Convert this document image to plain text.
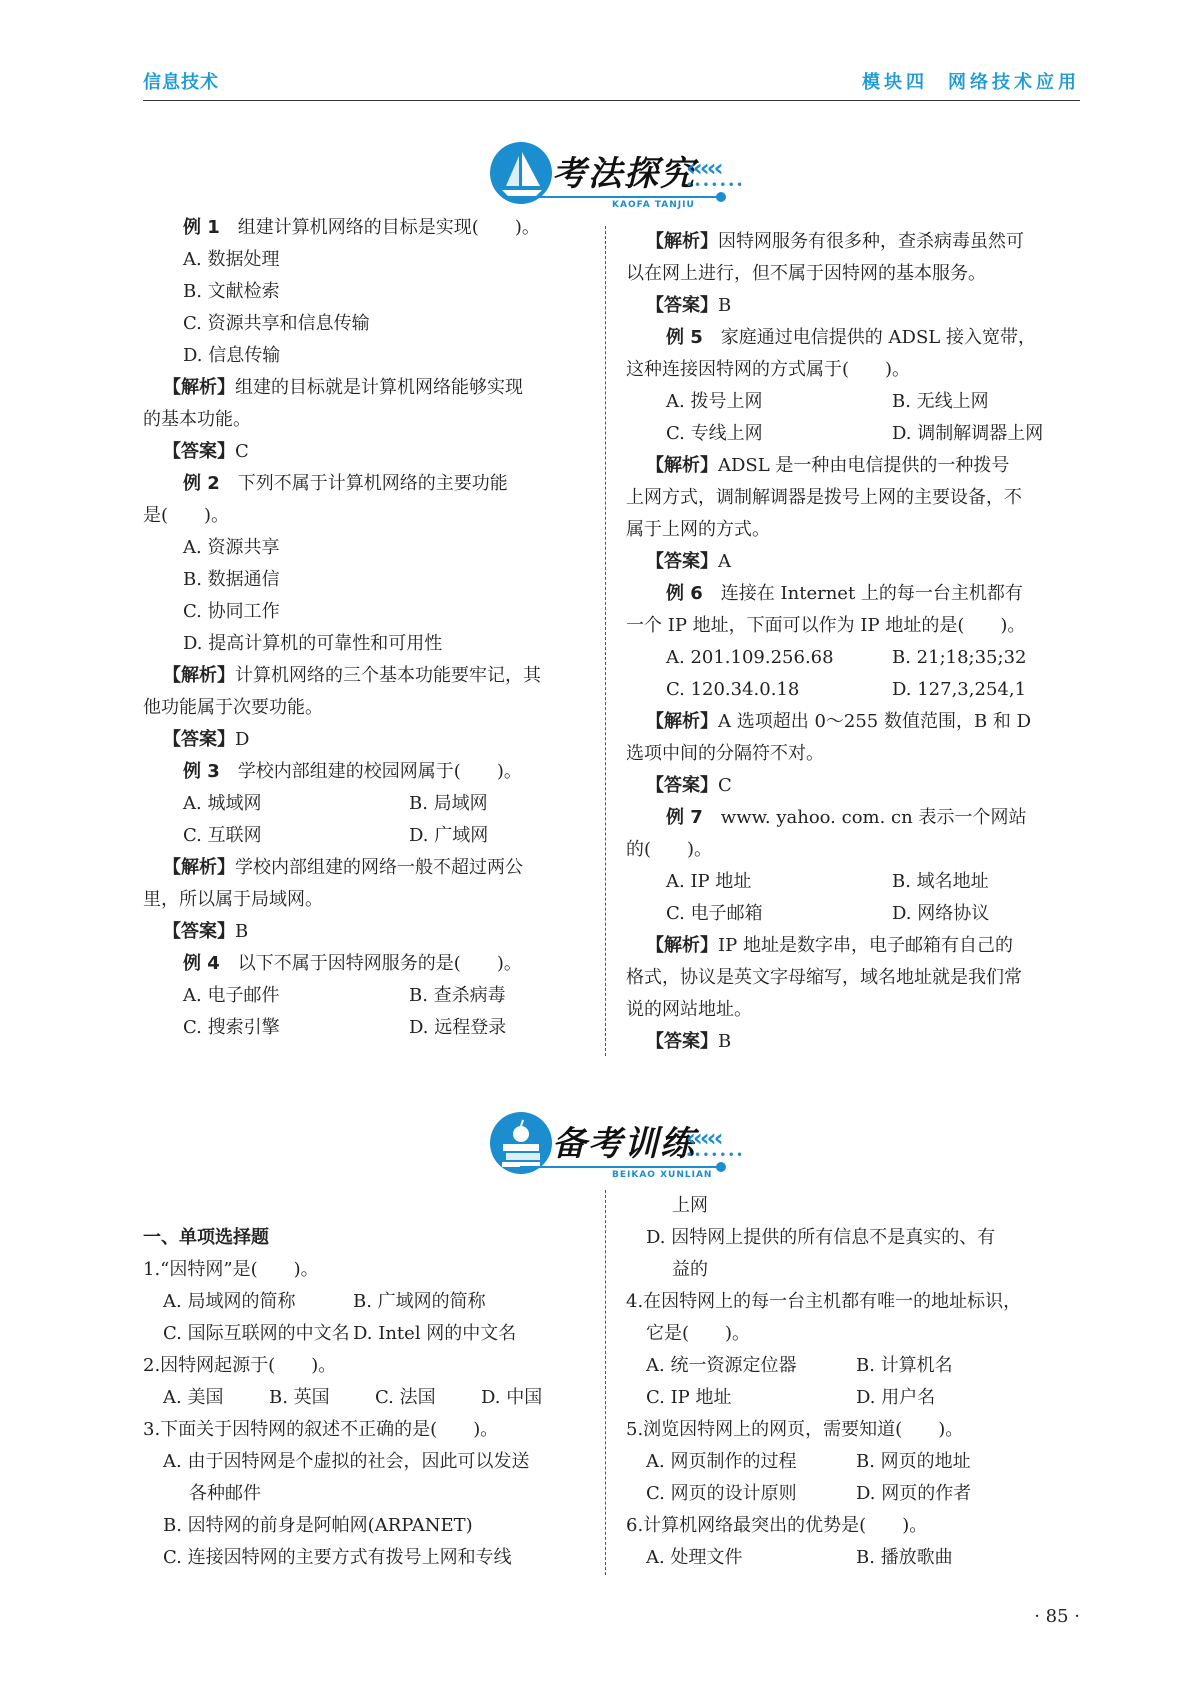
信息技术	模块四 网络技术应用
考法探究
‹‹‹‹‹
•••••••
KAOFA TANJIU
例 1　 组建计算机网络的目标是实现(　　)。
A. 数据处理
B. 文献检索
C. 资源共享和信息传输
D. 信息传输
【解析】组建的目标就是计算机网络能够实现
的基本功能。
【答案】C
例 2　 下列不属于计算机网络的主要功能
是(　　)。
A. 资源共享
B. 数据通信
C. 协同工作
D. 提高计算机的可靠性和可用性
【解析】计算机网络的三个基本功能要牢记，其
他功能属于次要功能。
【答案】D
例 3　 学校内部组建的校园网属于(　　)。
A. 城域网	B. 局域网
C. 互联网	D. 广域网
【解析】学校内部组建的网络一般不超过两公
里，所以属于局域网。
【答案】B
例 4　 以下不属于因特网服务的是(　　)。
A. 电子邮件	B. 查杀病毒
C. 搜索引擎	D. 远程登录
【解析】因特网服务有很多种，查杀病毒虽然可
以在网上进行，但不属于因特网的基本服务。
【答案】B
例 5　 家庭通过电信提供的 ADSL 接入宽带，
这种连接因特网的方式属于(　　)。
A. 拨号上网	B. 无线上网
C. 专线上网	D. 调制解调器上网
【解析】ADSL 是一种由电信提供的一种拨号
上网方式，调制解调器是拨号上网的主要设备，不
属于上网的方式。
【答案】A
例 6　 连接在 Internet 上的每一台主机都有
一个 IP 地址，下面可以作为 IP 地址的是(　　)。
A. 201.109.256.68	B. 21;18;35;32
C. 120.34.0.18	D. 127,3,254,1
【解析】A 选项超出 0～255 数值范围，B 和 D
选项中间的分隔符不对。
【答案】C
例 7　 www. yahoo. com. cn 表示一个网站
的(　　)。
A. IP 地址	B. 域名地址
C. 电子邮箱	D. 网络协议
【解析】IP 地址是数字串，电子邮箱有自己的
格式，协议是英文字母缩写，域名地址就是我们常
说的网站地址。
【答案】B
备考训练
‹‹‹‹‹
•••••••
BEIKAO XUNLIAN
一、单项选择题
1.“因特网”是(　　)。
A. 局域网的简称	B. 广域网的简称
C. 国际互联网的中文名 D. Intel 网的中文名
2.因特网起源于(　　)。
A. 美国	B. 英国	C. 法国	D. 中国
3.下面关于因特网的叙述不正确的是(　　)。
A. 由于因特网是个虚拟的社会，因此可以发送
各种邮件
B. 因特网的前身是阿帕网(ARPANET)
C. 连接因特网的主要方式有拨号上网和专线
上网
D. 因特网上提供的所有信息不是真实的、有
益的
4.在因特网上的每一台主机都有唯一的地址标识，
它是(　　)。
A. 统一资源定位器	B. 计算机名
C. IP 地址	D. 用户名
5.浏览因特网上的网页，需要知道(　　)。
A. 网页制作的过程	B. 网页的地址
C. 网页的设计原则	D. 网页的作者
6.计算机网络最突出的优势是(　　)。
A. 处理文件	B. 播放歌曲
· 85 ·
